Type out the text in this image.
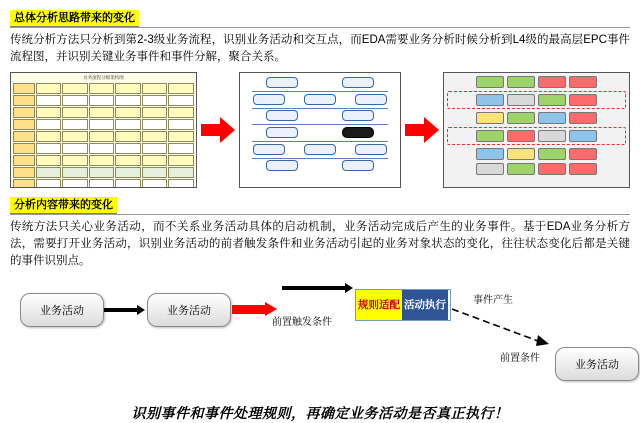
总体分析思路带来的变化
传统分析方法只分析到第2-3级业务流程，识别业务活动和交互点，而EDA需要业务分析时候分析到L4级的最高层EPC事件流程图，并识别关键业务事件和事件分解，聚合关系。
业务流程分级架构图
分析内容带来的变化
传统方法只关心业务活动，而不关系业务活动具体的启动机制，业务活动完成后产生的业务事件。基于EDA业务分析方法，需要打开业务活动，识别业务活动的前者触发条件和业务活动引起的业务对象状态的变化，往往状态变化后都是关键的事件识别点。
业务活动	业务活动
前置触发条件
规则适配 活动执行	事件产生
前置条件
业务活动
识别事件和事件处理规则，再确定业务活动是否真正执行！
